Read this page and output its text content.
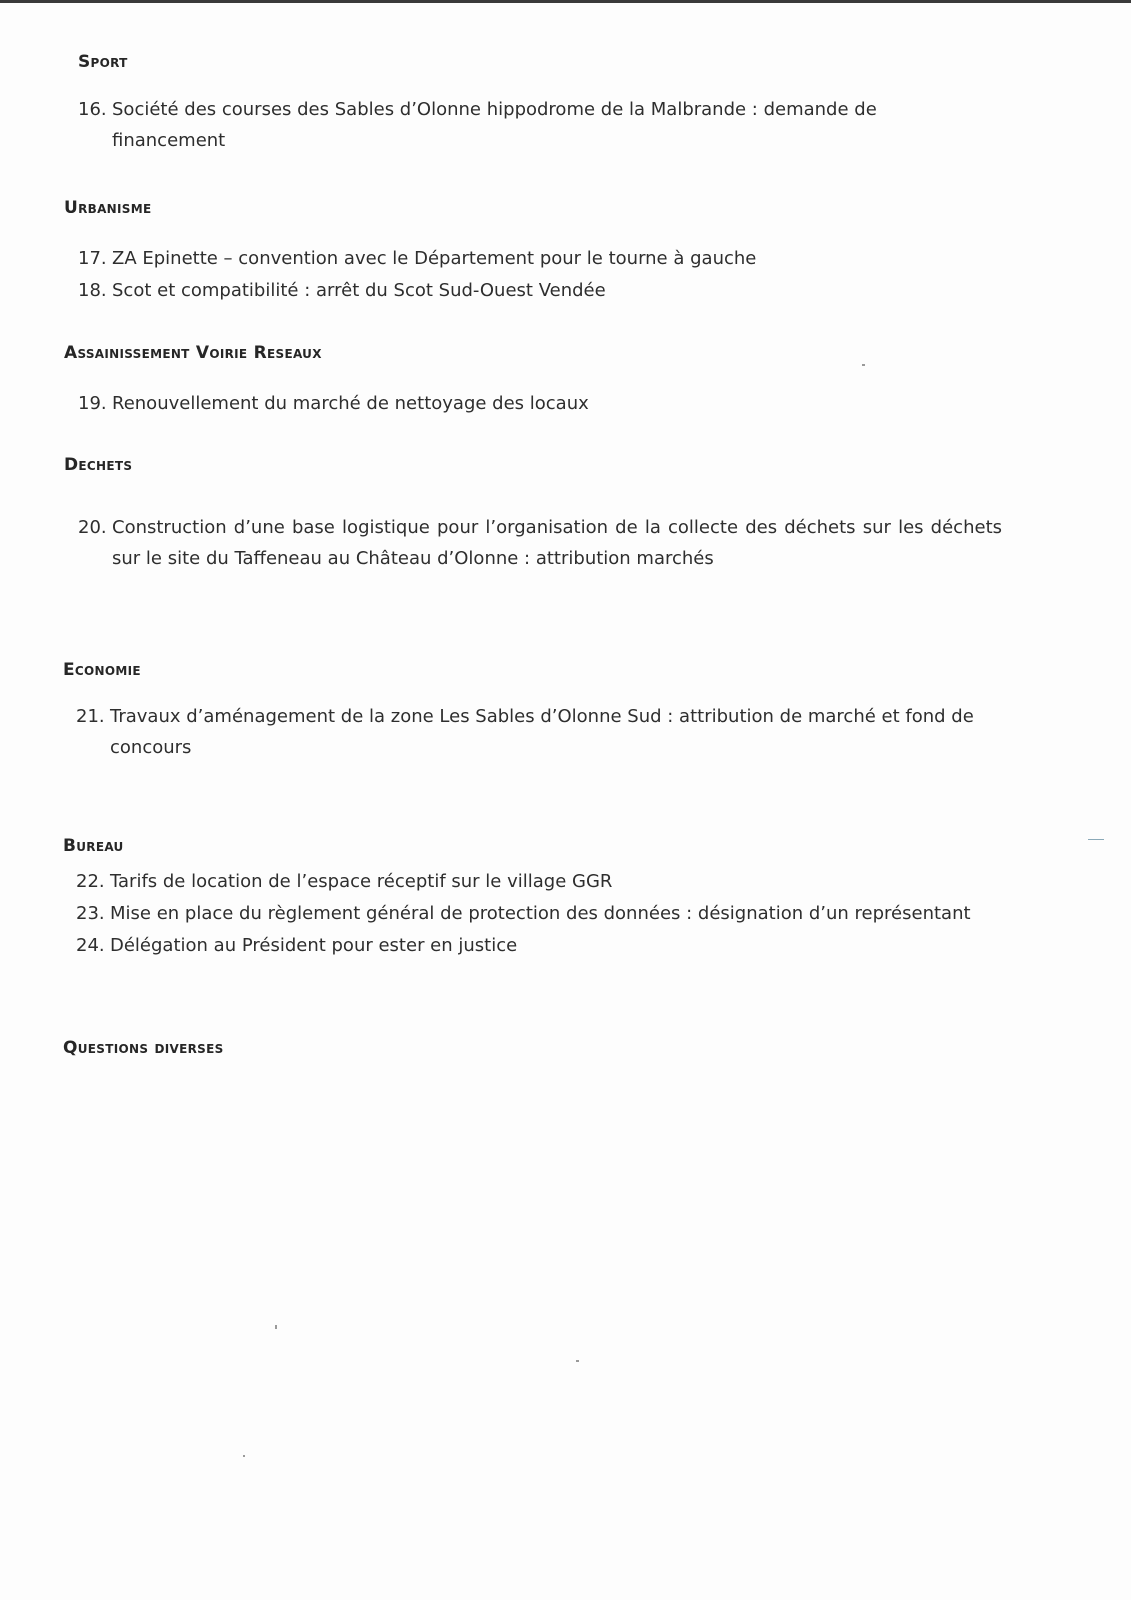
Sport
16. Société des courses des Sables d’Olonne hippodrome de la Malbrande : demande de financement
Urbanisme
17. ZA Epinette – convention avec le Département pour le tourne à gauche
18. Scot et compatibilité : arrêt du Scot Sud-Ouest Vendée
Assainissement Voirie Reseaux
19. Renouvellement du marché de nettoyage des locaux
Dechets
20. Construction d’une base logistique pour l’organisation de la collecte des déchets sur les déchets sur le site du Taffeneau au Château d’Olonne : attribution marchés
Economie
21. Travaux d’aménagement de la zone Les Sables d’Olonne Sud : attribution de marché et fond de concours
Bureau
22. Tarifs de location de l’espace réceptif sur le village GGR
23. Mise en place du règlement général de protection des données : désignation d’un représentant
24. Délégation au Président pour ester en justice
Questions diverses
